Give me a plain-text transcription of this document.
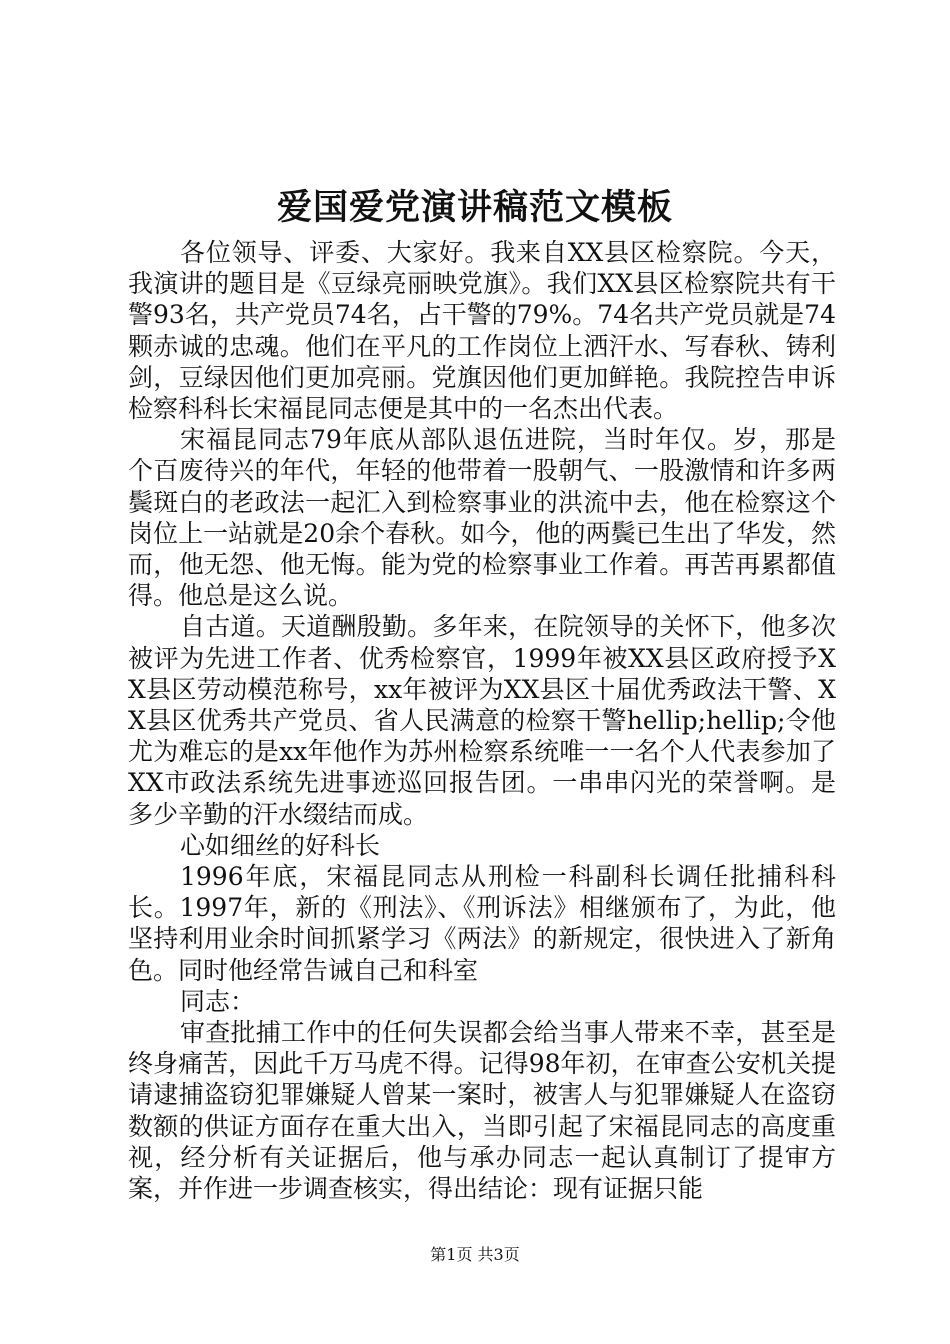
爱国爱党演讲稿范文模板

各位领导、评委、大家好。我来自XX县区检察院。今天，我演讲的题目是《豆绿亮丽映党旗》。我们XX县区检察院共有干警93名，共产党员74名，占干警的79%。74名共产党员就是74颗赤诚的忠魂。他们在平凡的工作岗位上洒汗水、写春秋、铸利剑，豆绿因他们更加亮丽。党旗因他们更加鲜艳。我院控告申诉检察科科长宋福昆同志便是其中的一名杰出代表。

宋福昆同志79年底从部队退伍进院，当时年仅。岁，那是个百废待兴的年代，年轻的他带着一股朝气、一股激情和许多两鬓斑白的老政法一起汇入到检察事业的洪流中去，他在检察这个岗位上一站就是20余个春秋。如今，他的两鬓已生出了华发，然而，他无怨、他无悔。能为党的检察事业工作着。再苦再累都值得。他总是这么说。

自古道。天道酬殷勤。多年来，在院领导的关怀下，他多次被评为先进工作者、优秀检察官，1999年被XX县区政府授予XX县区劳动模范称号，xx年被评为XX县区十届优秀政法干警、XX县区优秀共产党员、省人民满意的检察干警hellip;hellip;令他尤为难忘的是xx年他作为苏州检察系统唯一一名个人代表参加了XX市政法系统先进事迹巡回报告团。一串串闪光的荣誉啊。是多少辛勤的汗水缀结而成。

心如细丝的好科长

1996年底，宋福昆同志从刑检一科副科长调任批捕科科长。1997年，新的《刑法》、《刑诉法》相继颁布了，为此，他坚持利用业余时间抓紧学习《两法》的新规定，很快进入了新角色。同时他经常告诫自己和科室

同志：

审查批捕工作中的任何失误都会给当事人带来不幸，甚至是终身痛苦，因此千万马虎不得。记得98年初，在审查公安机关提请逮捕盗窃犯罪嫌疑人曾某一案时，被害人与犯罪嫌疑人在盗窃数额的供证方面存在重大出入，当即引起了宋福昆同志的高度重视，经分析有关证据后，他与承办同志一起认真制订了提审方案，并作进一步调查核实，得出结论：现有证据只能

第1页 共3页
